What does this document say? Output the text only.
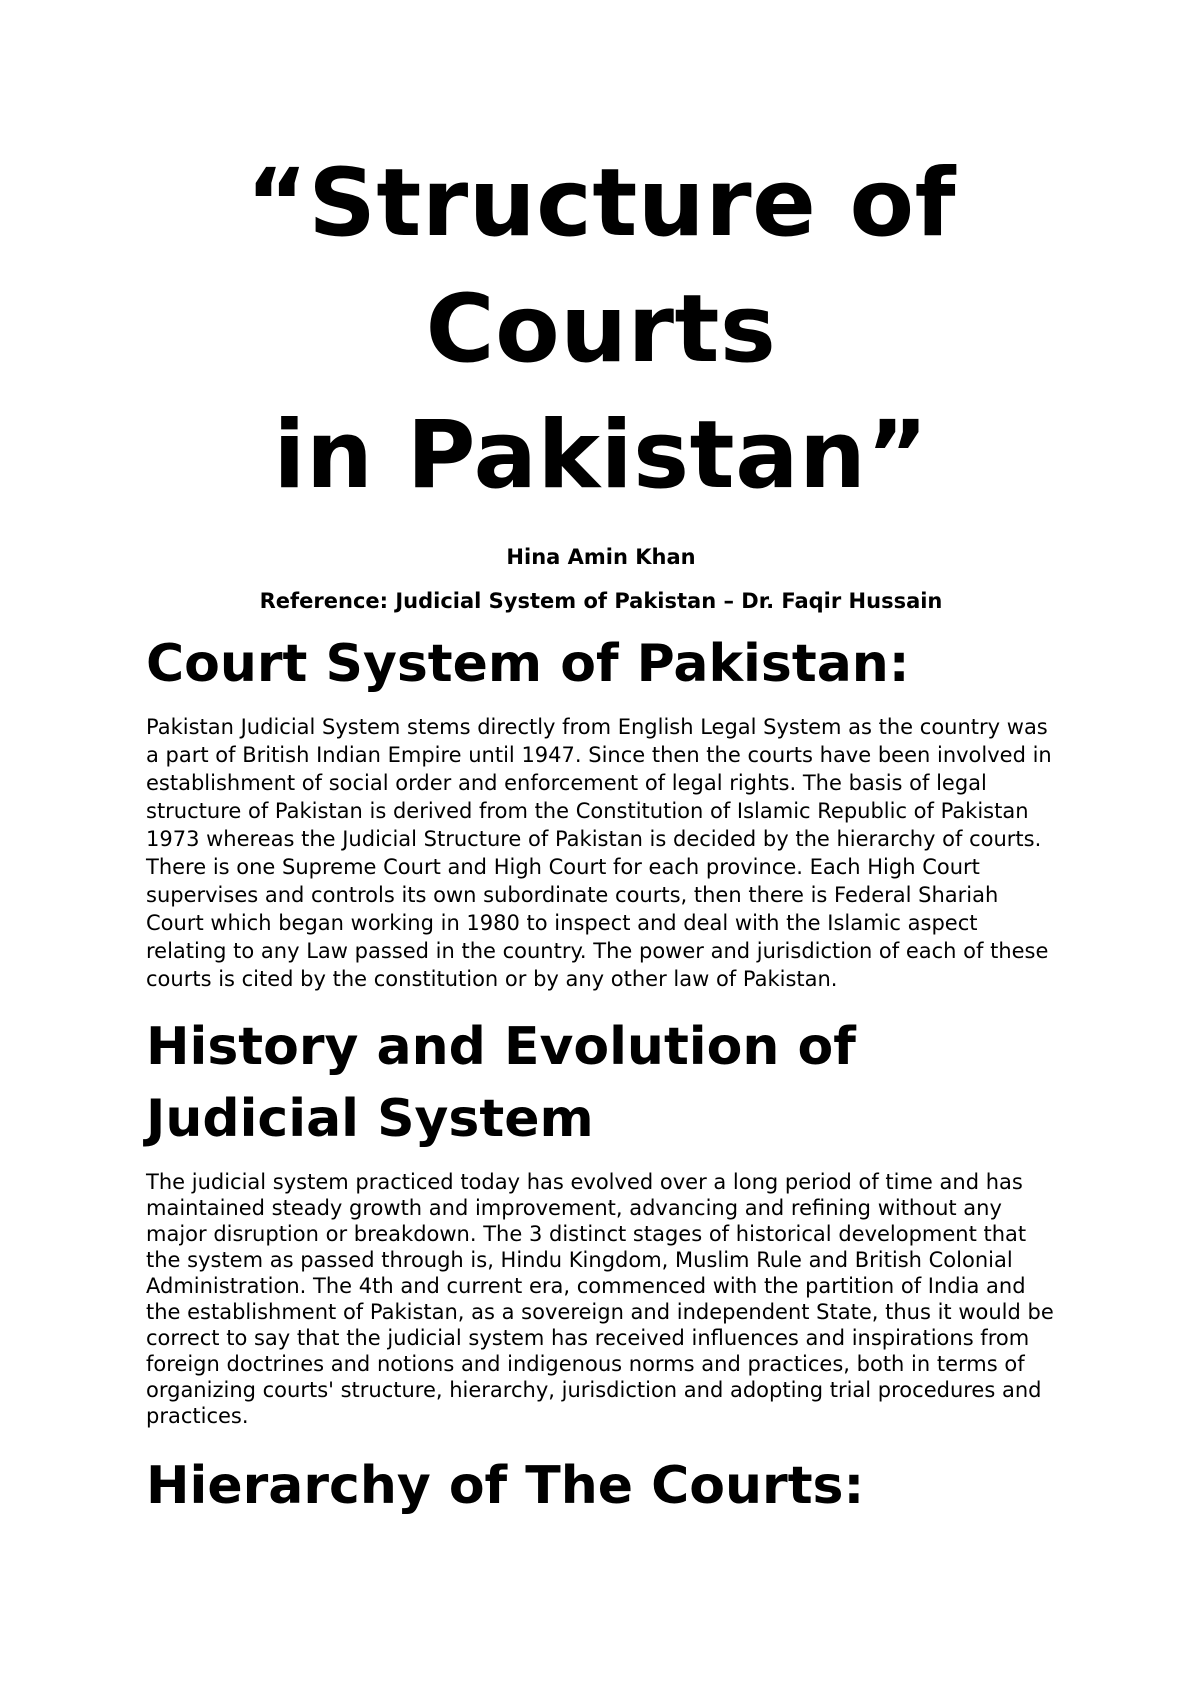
“Structure of
Courts
in Pakistan”

Hina Amin Khan

Reference: Judicial System of Pakistan – Dr. Faqir Hussain

Court System of Pakistan:

Pakistan Judicial System stems directly from English Legal System as the country was a part of British Indian Empire until 1947. Since then the courts have been involved in establishment of social order and enforcement of legal rights. The basis of legal structure of Pakistan is derived from the Constitution of Islamic Republic of Pakistan 1973 whereas the Judicial Structure of Pakistan is decided by the hierarchy of courts. There is one Supreme Court and High Court for each province. Each High Court supervises and controls its own subordinate courts, then there is Federal Shariah Court which began working in 1980 to inspect and deal with the Islamic aspect relating to any Law passed in the country. The power and jurisdiction of each of these courts is cited by the constitution or by any other law of Pakistan.

History and Evolution of Judicial System

The judicial system practiced today has evolved over a long period of time and has maintained steady growth and improvement, advancing and refining without any major disruption or breakdown. The 3 distinct stages of historical development that the system as passed through is, Hindu Kingdom, Muslim Rule and British Colonial Administration. The 4th and current era, commenced with the partition of India and the establishment of Pakistan, as a sovereign and independent State, thus it would be correct to say that the judicial system has received influences and inspirations from foreign doctrines and notions and indigenous norms and practices, both in terms of organizing courts' structure, hierarchy, jurisdiction and adopting trial procedures and practices.

Hierarchy of The Courts:
